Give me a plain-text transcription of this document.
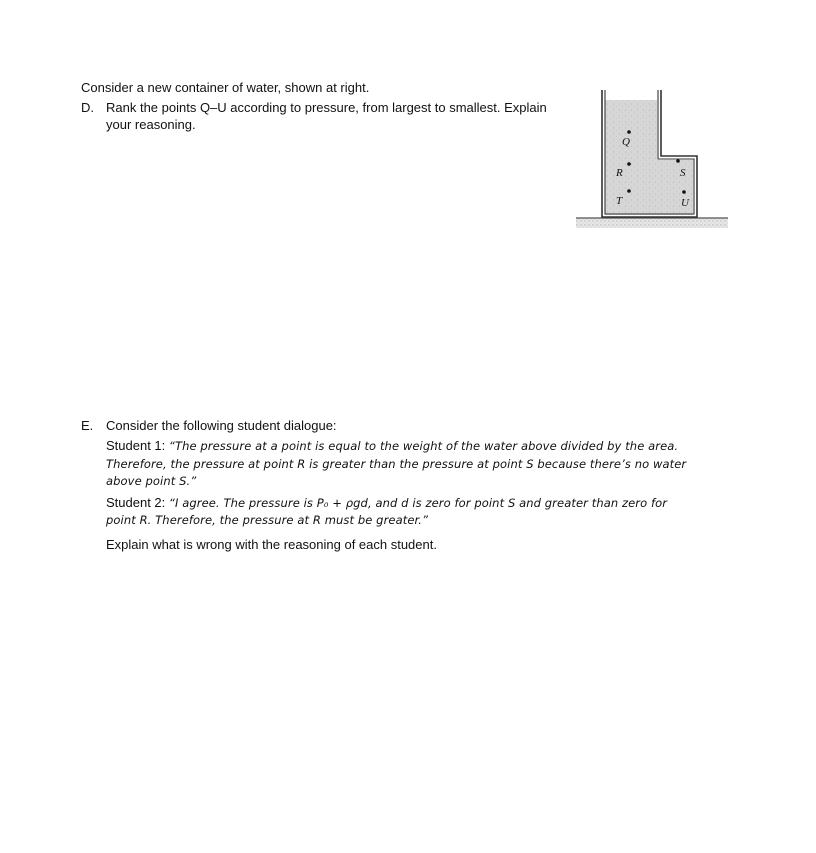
Consider a new container of water, shown at right.
D. Rank the points Q–U according to pressure, from largest to smallest. Explain
your reasoning.
Q
R	S
T	U
E. Consider the following student dialogue:
Student 1: “The pressure at a point is equal to the weight of the water above divided by the area.
Therefore, the pressure at point R is greater than the pressure at point S because there’s no water
above point S.”
Student 2: “I agree. The pressure is P₀ + ρgd, and d is zero for point S and greater than zero for
point R. Therefore, the pressure at R must be greater.”
Explain what is wrong with the reasoning of each student.
